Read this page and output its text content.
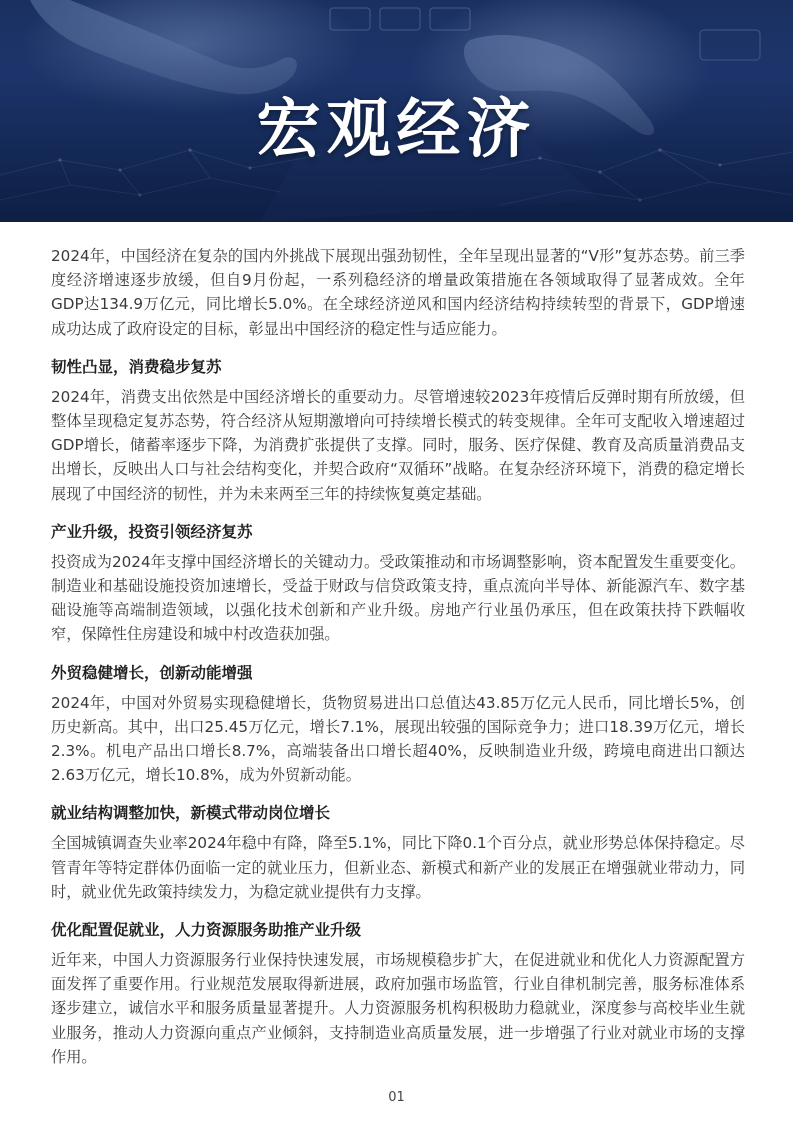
宏观经济

2024年，中国经济在复杂的国内外挑战下展现出强劲韧性，全年呈现出显著的“V形”复苏态势。前三季度经济增速逐步放缓，但自9月份起，一系列稳经济的增量政策措施在各领域取得了显著成效。全年GDP达134.9万亿元，同比增长5.0%。在全球经济逆风和国内经济结构持续转型的背景下，GDP增速成功达成了政府设定的目标，彰显出中国经济的稳定性与适应能力。

韧性凸显，消费稳步复苏

2024年，消费支出依然是中国经济增长的重要动力。尽管增速较2023年疫情后反弹时期有所放缓，但整体呈现稳定复苏态势，符合经济从短期激增向可持续增长模式的转变规律。全年可支配收入增速超过GDP增长，储蓄率逐步下降，为消费扩张提供了支撑。同时，服务、医疗保健、教育及高质量消费品支出增长，反映出人口与社会结构变化，并契合政府“双循环”战略。在复杂经济环境下，消费的稳定增长展现了中国经济的韧性，并为未来两至三年的持续恢复奠定基础。

产业升级，投资引领经济复苏

投资成为2024年支撑中国经济增长的关键动力。受政策推动和市场调整影响，资本配置发生重要变化。制造业和基础设施投资加速增长，受益于财政与信贷政策支持，重点流向半导体、新能源汽车、数字基础设施等高端制造领域，以强化技术创新和产业升级。房地产行业虽仍承压，但在政策扶持下跌幅收窄，保障性住房建设和城中村改造获加强。

外贸稳健增长，创新动能增强

2024年，中国对外贸易实现稳健增长，货物贸易进出口总值达43.85万亿元人民币，同比增长5%，创历史新高。其中，出口25.45万亿元，增长7.1%，展现出较强的国际竞争力；进口18.39万亿元，增长2.3%。机电产品出口增长8.7%，高端装备出口增长超40%，反映制造业升级，跨境电商进出口额达2.63万亿元，增长10.8%，成为外贸新动能。

就业结构调整加快，新模式带动岗位增长

全国城镇调查失业率2024年稳中有降，降至5.1%，同比下降0.1个百分点，就业形势总体保持稳定。尽管青年等特定群体仍面临一定的就业压力，但新业态、新模式和新产业的发展正在增强就业带动力，同时，就业优先政策持续发力，为稳定就业提供有力支撑。

优化配置促就业，人力资源服务助推产业升级

近年来，中国人力资源服务行业保持快速发展，市场规模稳步扩大，在促进就业和优化人力资源配置方面发挥了重要作用。行业规范发展取得新进展，政府加强市场监管，行业自律机制完善，服务标准体系逐步建立，诚信水平和服务质量显著提升。人力资源服务机构积极助力稳就业，深度参与高校毕业生就业服务，推动人力资源向重点产业倾斜，支持制造业高质量发展，进一步增强了行业对就业市场的支撑作用。

01
